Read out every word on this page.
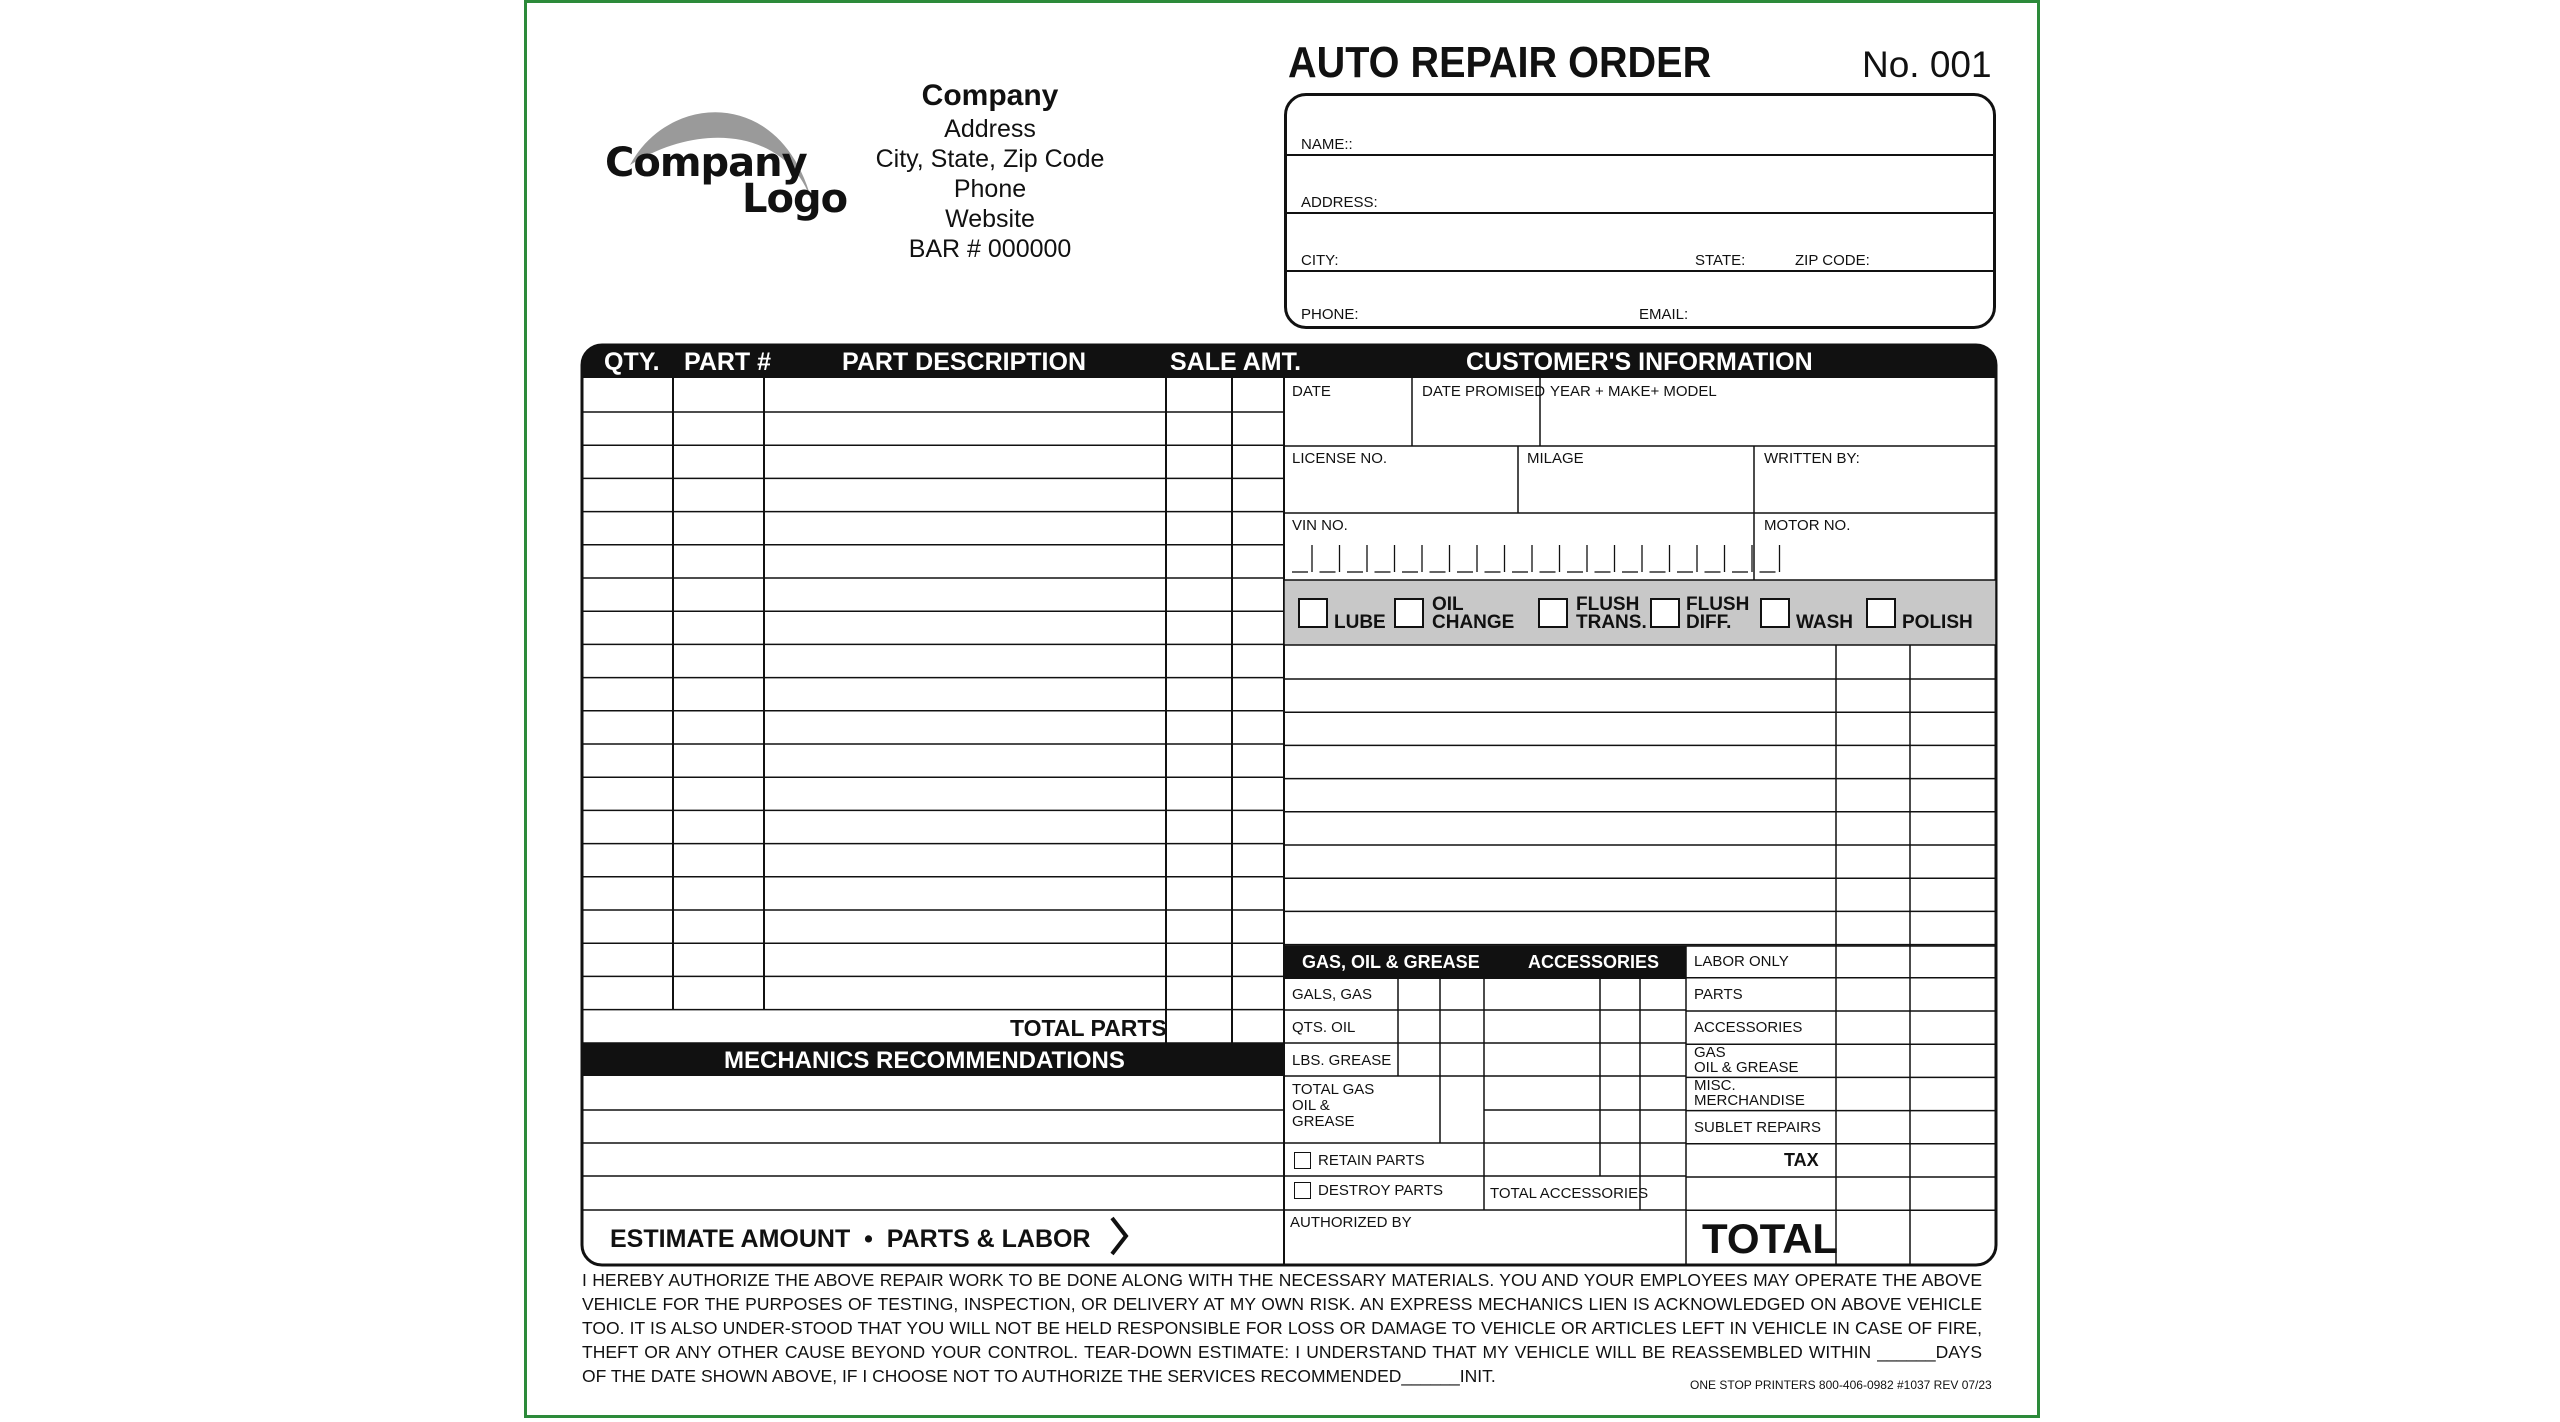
Company
Logo
Company
Address
City, State, Zip Code
Phone
Website
BAR # 000000
AUTO REPAIR ORDER	No. 001
NAME::
ADDRESS:
CITY:	STATE:	ZIP CODE:
PHONE:	EMAIL:
QTY. PART #	PART DESCRIPTION	SALE AMT.	CUSTOMER'S INFORMATION
TOTAL PARTS
MECHANICS RECOMMENDATIONS
ESTIMATE AMOUNT  •  PARTS & LABOR
DATE	DATE PROMISED YEAR + MAKE+ MODEL
LICENSE NO.	MILAGE	WRITTEN BY:
VIN NO.	MOTOR NO.
LUBE
OIL
CHANGE
FLUSH
TRANS.
FLUSH
DIFF.	WASH	POLISH
GAS, OIL & GREASE	ACCESSORIES
GALS, GAS
QTS. OIL
LBS. GREASE
TOTAL GAS
OIL &
GREASE
RETAIN PARTS
DESTROY PARTS	TOTAL ACCESSORIES
AUTHORIZED BY
LABOR ONLY
PARTS
ACCESSORIES
GAS
OIL & GREASE
MISC.
MERCHANDISE
SUBLET REPAIRS
TAX
TOTAL
I HEREBY AUTHORIZE THE ABOVE REPAIR WORK TO BE DONE ALONG WITH THE NECESSARY MATERIALS. YOU AND YOUR EMPLOYEES MAY OPERATE THE ABOVE VEHICLE FOR THE PURPOSES OF TESTING, INSPECTION, OR DELIVERY AT MY OWN RISK. AN EXPRESS MECHANICS LIEN IS ACKNOWLEDGED ON ABOVE VEHICLE TOO. IT IS ALSO UNDER-STOOD THAT YOU WILL NOT BE HELD RESPONSIBLE FOR LOSS OR DAMAGE TO VEHICLE OR ARTICLES LEFT IN VEHICLE IN CASE OF FIRE, THEFT OR ANY OTHER CAUSE BEYOND YOUR CONTROL. TEAR-DOWN ESTIMATE: I UNDERSTAND THAT MY VEHICLE WILL BE REASSEMBLED WITHIN ______DAYS OF THE DATE SHOWN ABOVE, IF I CHOOSE NOT TO AUTHORIZE THE SERVICES RECOMMENDED______INIT.	ONE STOP PRINTERS 800-406-0982 #1037 REV 07/23
